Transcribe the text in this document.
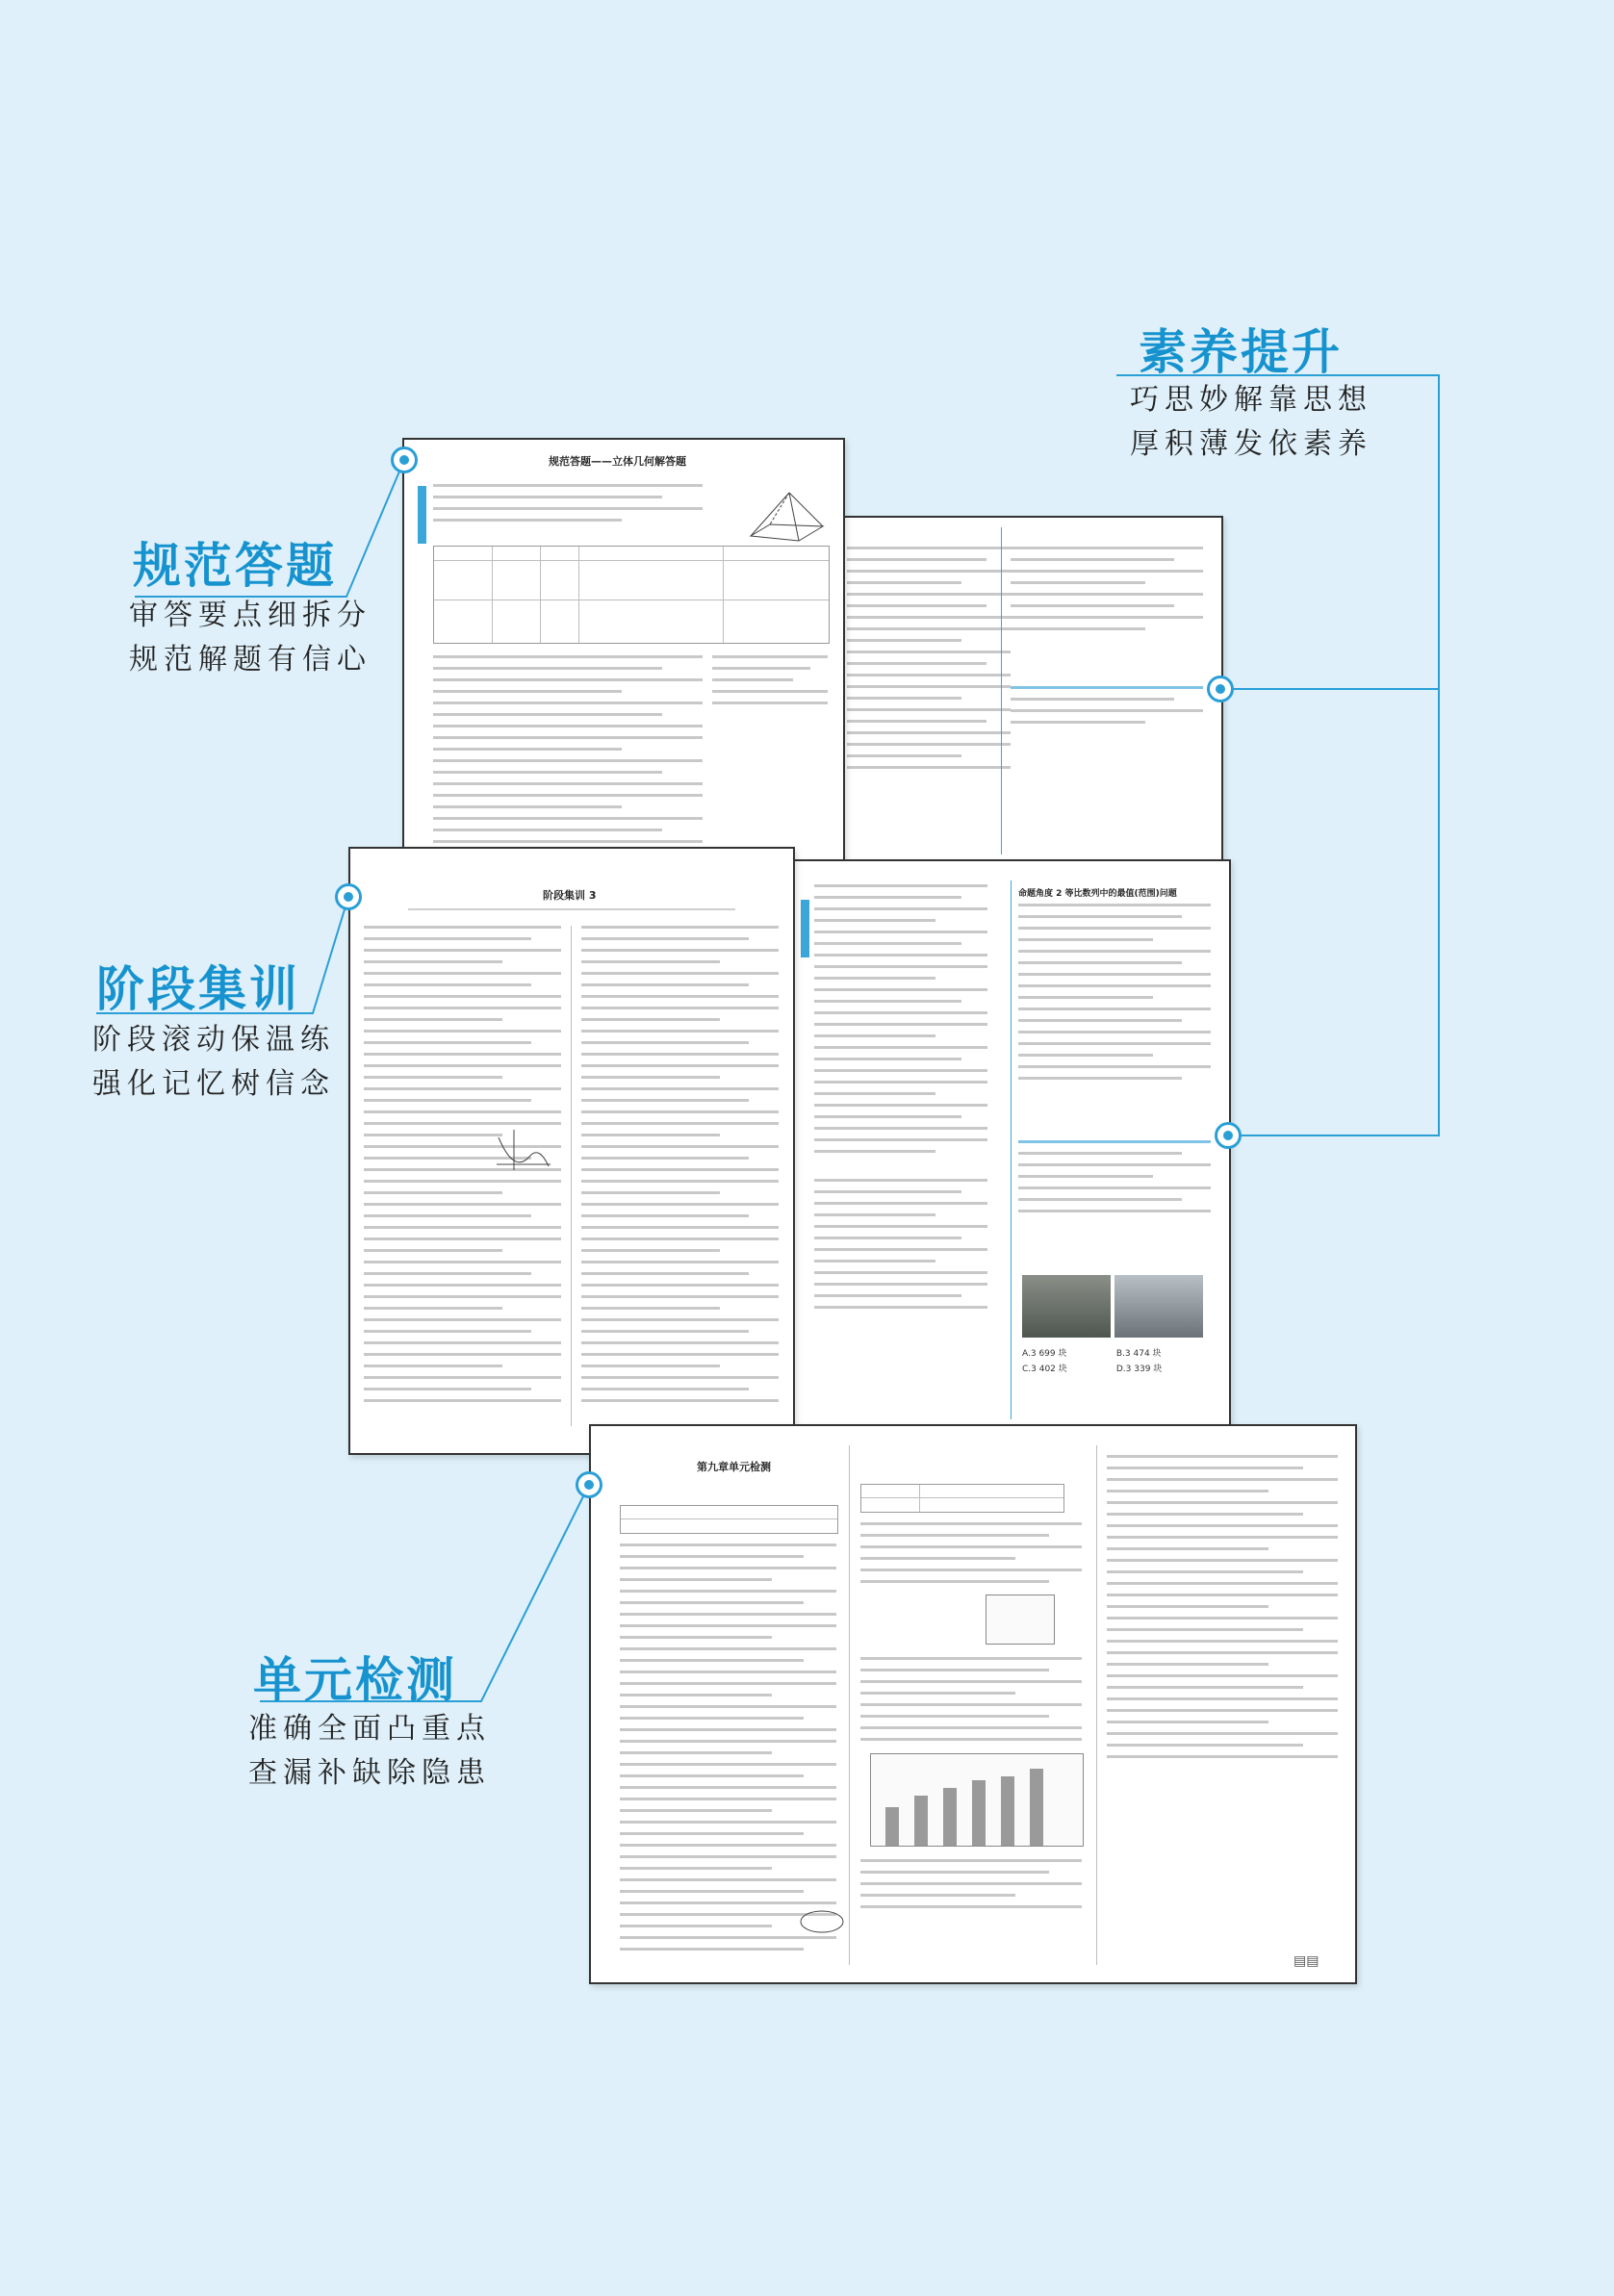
素养提升
巧思妙解靠思想
厚积薄发依素养
规范答题
审答要点细拆分
规范解题有信心
阶段集训
阶段滚动保温练
强化记忆树信念
单元检测
准确全面凸重点
查漏补缺除隐患
规范答题——立体几何解答题
命题角度 2 等比数列中的最值(范围)问题
A.3 699 块	B.3 474 块
C.3 402 块	D.3 339 块
阶段集训 3
第九章单元检测
▤▤
